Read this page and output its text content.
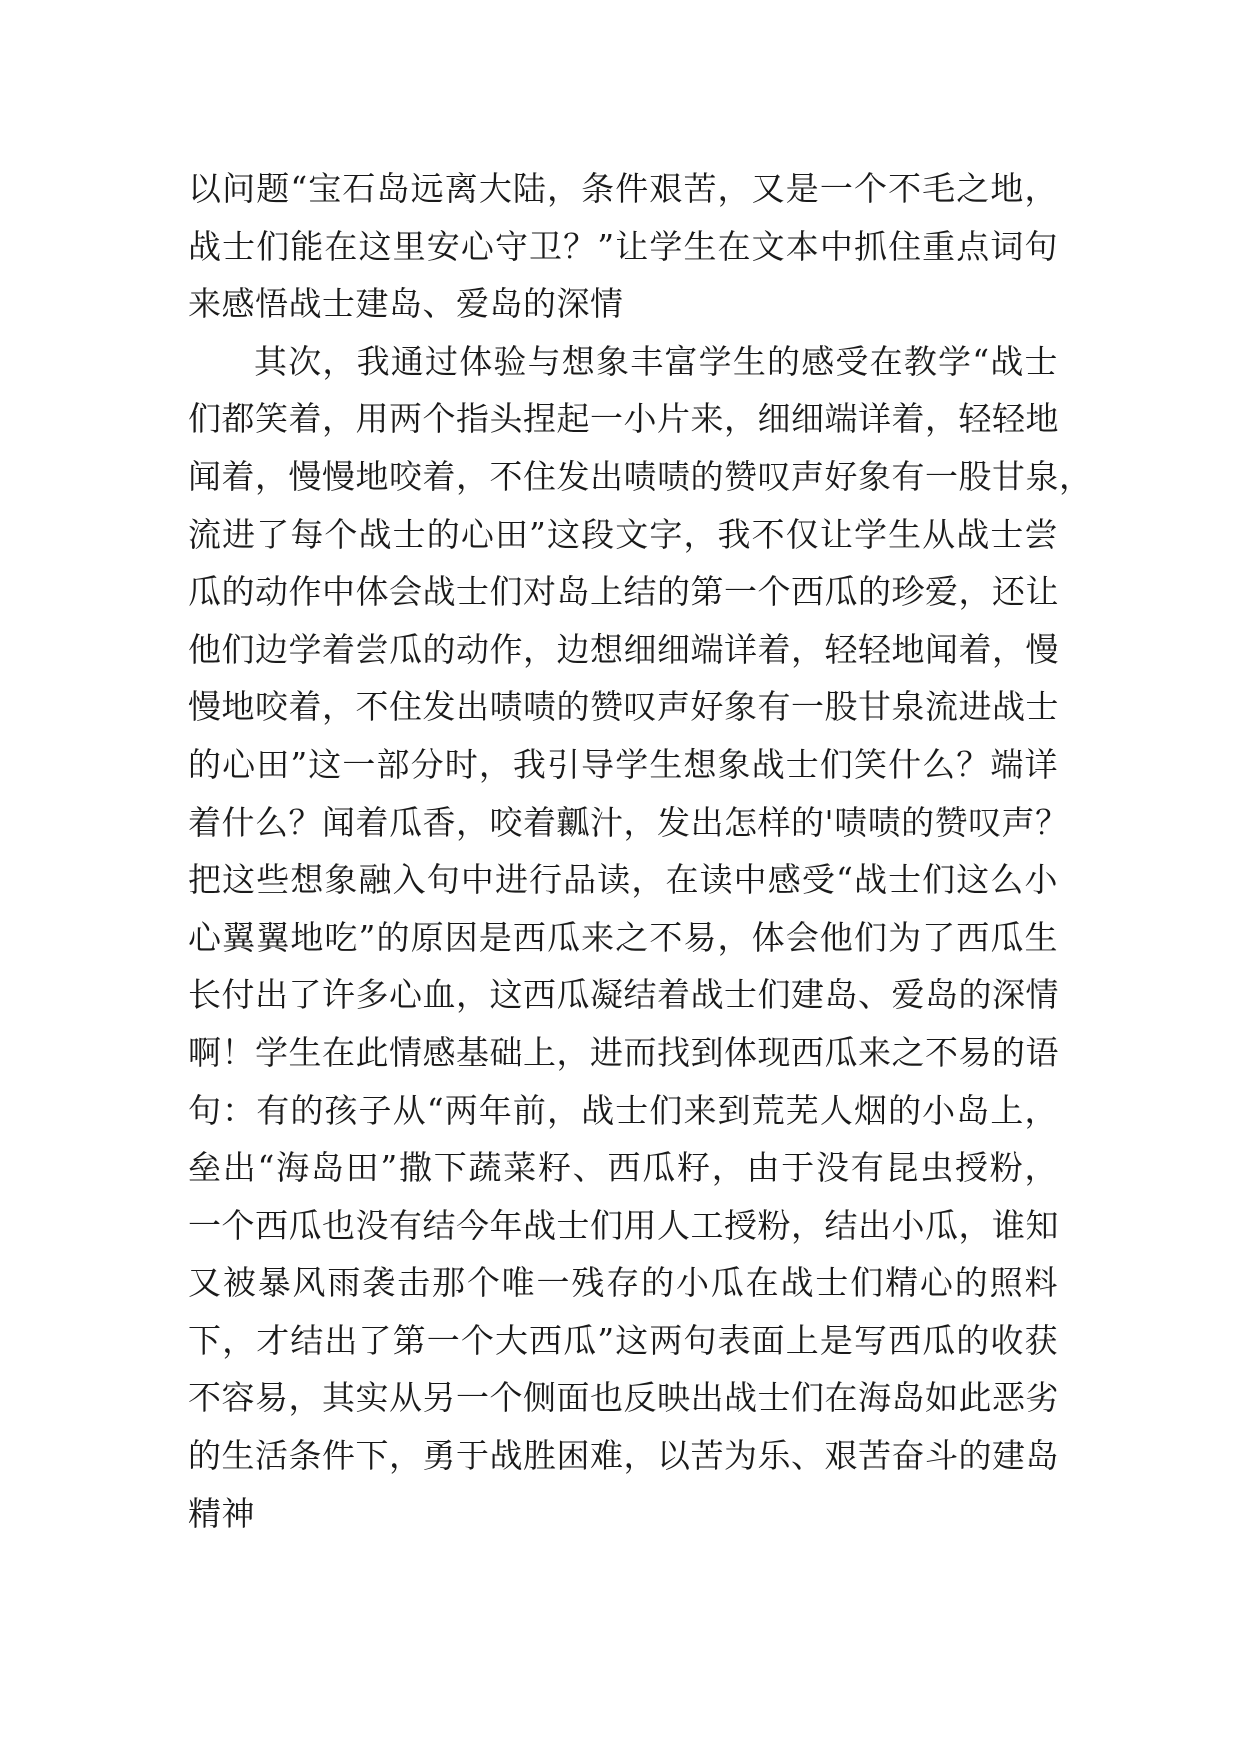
以问题“宝石岛远离大陆，条件艰苦，又是一个不毛之地，
战士们能在这里安心守卫？”让学生在文本中抓住重点词句
来感悟战士建岛、爱岛的深情
其次，我通过体验与想象丰富学生的感受在教学“战士
们都笑着，用两个指头捏起一小片来，细细端详着，轻轻地
闻着，慢慢地咬着，不住发出啧啧的赞叹声好象有一股甘泉，
流进了每个战士的心田”这段文字，我不仅让学生从战士尝
瓜的动作中体会战士们对岛上结的第一个西瓜的珍爱，还让
他们边学着尝瓜的动作，边想细细端详着，轻轻地闻着，慢
慢地咬着，不住发出啧啧的赞叹声好象有一股甘泉流进战士
的心田”这一部分时，我引导学生想象战士们笑什么？端详
着什么？闻着瓜香，咬着瓤汁，发出怎样的'啧啧的赞叹声？
把这些想象融入句中进行品读，在读中感受“战士们这么小
心翼翼地吃”的原因是西瓜来之不易，体会他们为了西瓜生
长付出了许多心血，这西瓜凝结着战士们建岛、爱岛的深情
啊！学生在此情感基础上，进而找到体现西瓜来之不易的语
句：有的孩子从“两年前，战士们来到荒芜人烟的小岛上，
垒出“海岛田”撒下蔬菜籽、西瓜籽，由于没有昆虫授粉，
一个西瓜也没有结今年战士们用人工授粉，结出小瓜，谁知
又被暴风雨袭击那个唯一残存的小瓜在战士们精心的照料
下，才结出了第一个大西瓜”这两句表面上是写西瓜的收获
不容易，其实从另一个侧面也反映出战士们在海岛如此恶劣
的生活条件下，勇于战胜困难，以苦为乐、艰苦奋斗的建岛
精神
